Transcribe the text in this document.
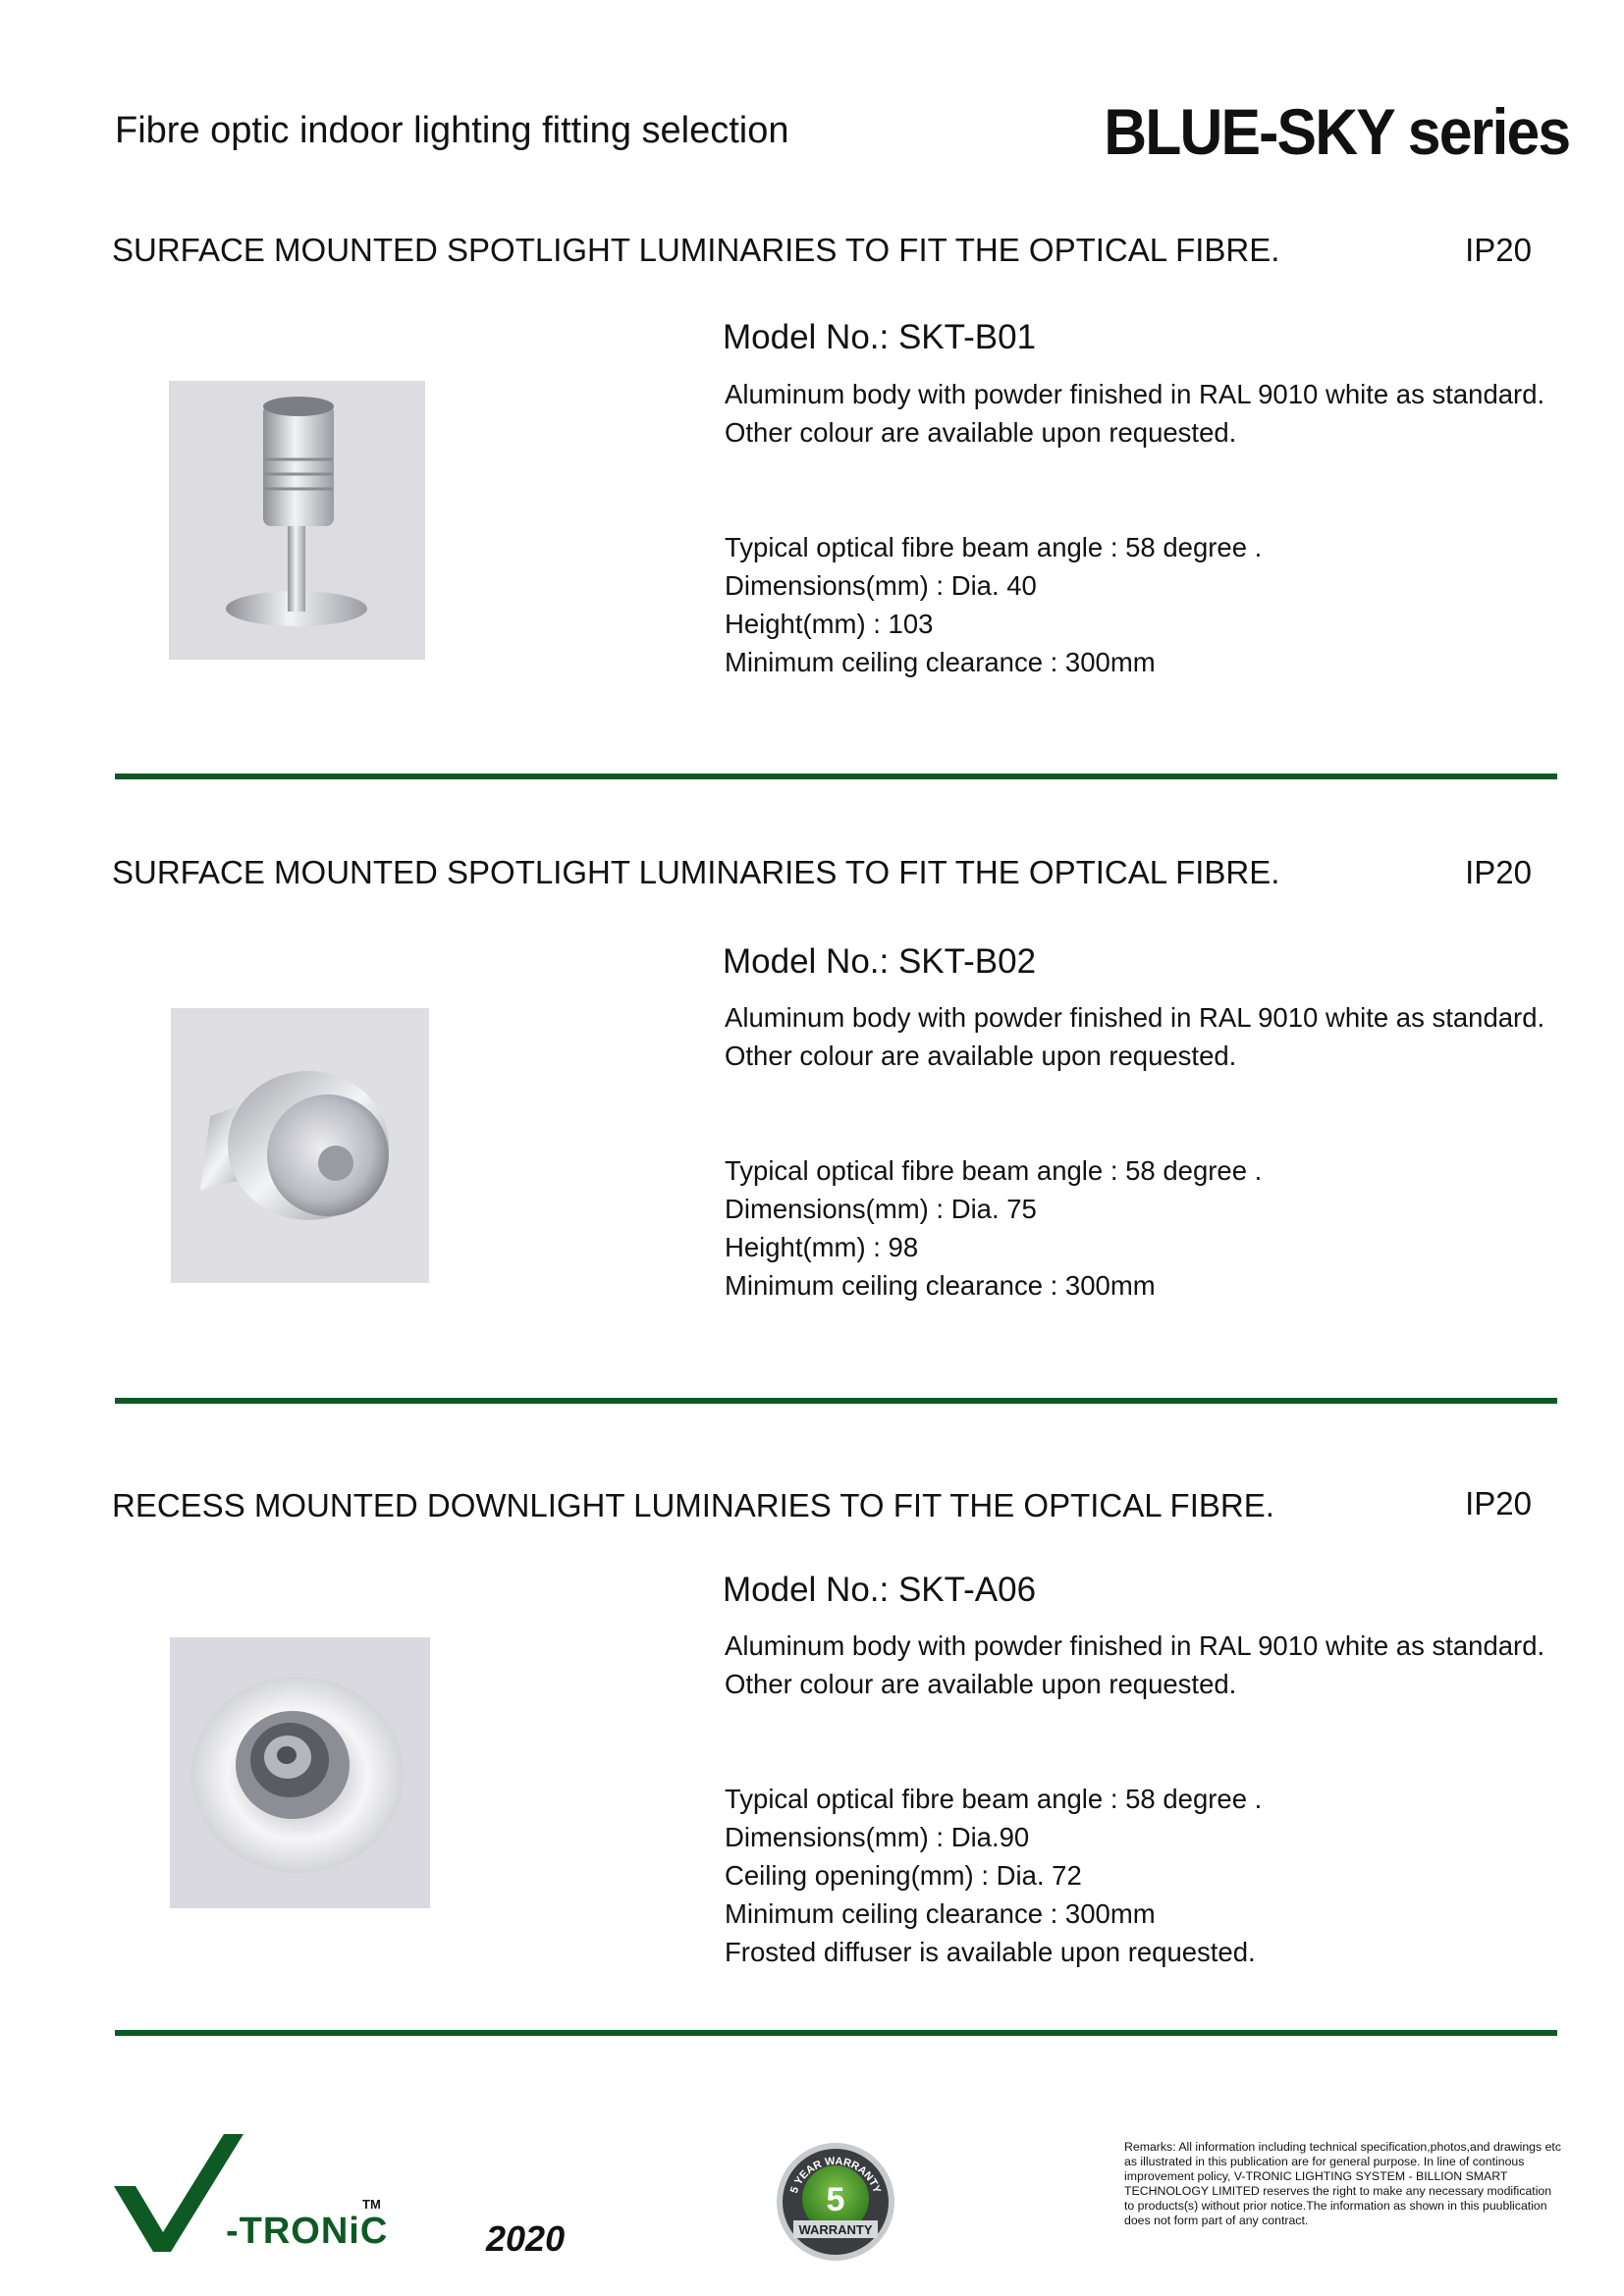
Fibre optic indoor lighting fitting selection	BLUE-SKY series
SURFACE MOUNTED SPOTLIGHT LUMINARIES TO FIT THE OPTICAL FIBRE.	IP20
Model No.: SKT-B01
Aluminum body with powder finished in RAL 9010 white as standard.
Other colour are available upon requested.
Typical optical fibre beam angle : 58 degree .
Dimensions(mm) : Dia. 40
Height(mm) : 103
Minimum ceiling clearance : 300mm
SURFACE MOUNTED SPOTLIGHT LUMINARIES TO FIT THE OPTICAL FIBRE.	IP20
Model No.: SKT-B02
Aluminum body with powder finished in RAL 9010 white as standard.
Other colour are available upon requested.
Typical optical fibre beam angle : 58 degree .
Dimensions(mm) : Dia. 75
Height(mm) : 98
Minimum ceiling clearance : 300mm
RECESS MOUNTED DOWNLIGHT LUMINARIES TO FIT THE OPTICAL FIBRE.	IP20
Model No.: SKT-A06
Aluminum body with powder finished in RAL 9010 white as standard.
Other colour are available upon requested.
Typical optical fibre beam angle : 58 degree .
Dimensions(mm) : Dia.90
Ceiling opening(mm) : Dia. 72
Minimum ceiling clearance : 300mm
Frosted diffuser is available upon requested.
-TRONiC
TM
2020
5 YEAR WARRANTY
5
WARRANTY
Remarks: All information including technical specification,photos,and drawings etc as illustrated in this publication are for general purpose. In line of continous improvement policy, V-TRONIC LIGHTING SYSTEM - BILLION SMART TECHNOLOGY LIMITED reserves the right to make any necessary modification to products(s) without prior notice.The information as shown in this puublication does not form part of any contract.
